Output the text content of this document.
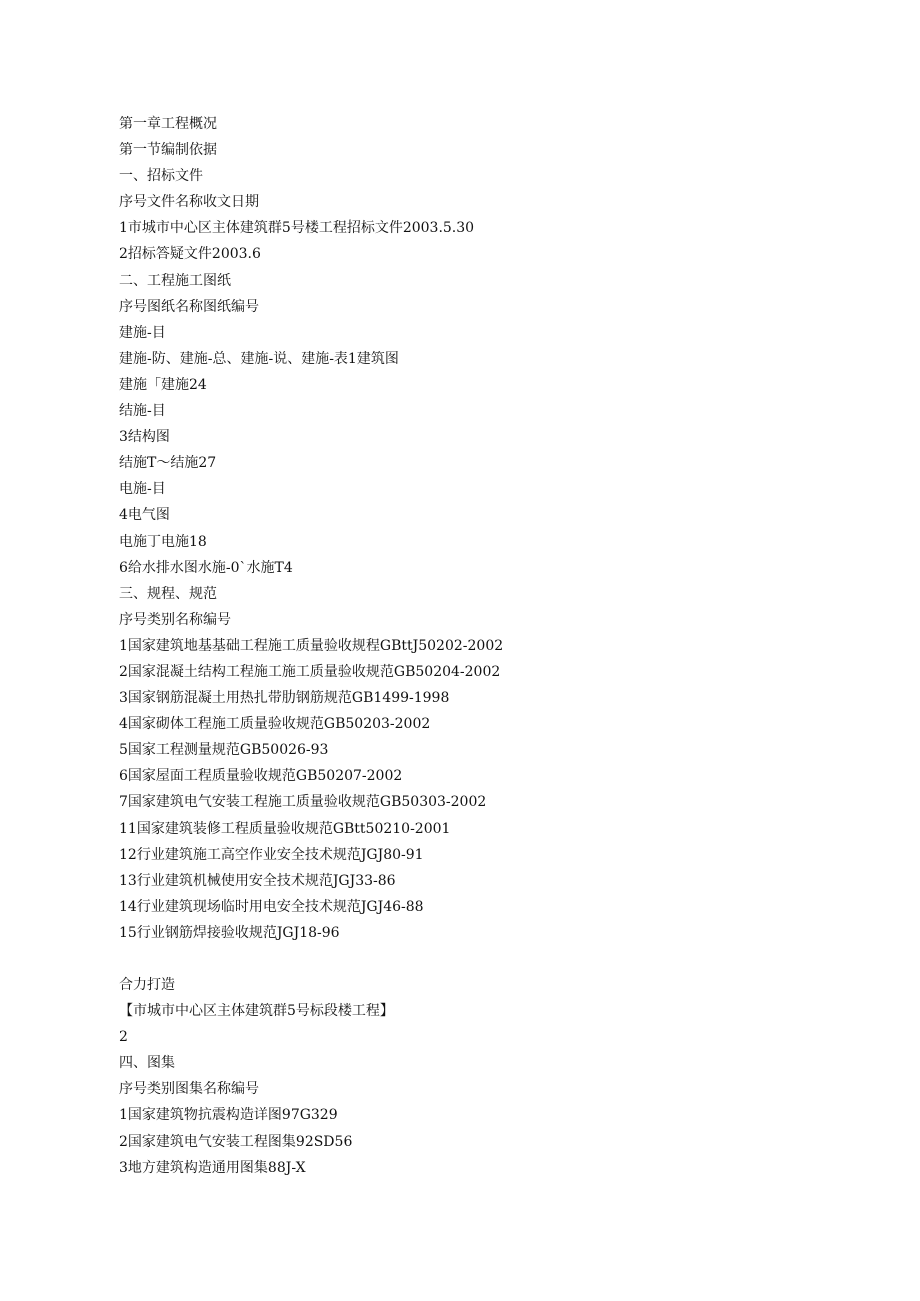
第一章工程概况
第一节编制依据
一、招标文件
序号文件名称收文日期
1市城市中心区主体建筑群5号楼工程招标文件2003.5.30
2招标答疑文件2003.6
二、工程施工图纸
序号图纸名称图纸编号
建施-目
建施-防、建施-总、建施-说、建施-表1建筑图
建施「建施24
结施-目
3结构图
结施T～结施27
电施-目
4电气图
电施丁电施18
6给水排水图水施-0`水施T4
三、规程、规范
序号类别名称编号
1国家建筑地基基础工程施工质量验收规程GBttJ50202-2002
2国家混凝土结构工程施工施工质量验收规范GB50204-2002
3国家钢筋混凝土用热扎带肋钢筋规范GB1499-1998
4国家砌体工程施工质量验收规范GB50203-2002
5国家工程测量规范GB50026-93
6国家屋面工程质量验收规范GB50207-2002
7国家建筑电气安装工程施工质量验收规范GB50303-2002
11国家建筑装修工程质量验收规范GBtt50210-2001
12行业建筑施工高空作业安全技术规范JGJ80-91
13行业建筑机械使用安全技术规范JGJ33-86
14行业建筑现场临时用电安全技术规范JGJ46-88
15行业钢筋焊接验收规范JGJ18-96
合力打造
【市城市中心区主体建筑群5号标段楼工程】
2
四、图集
序号类别图集名称编号
1国家建筑物抗震构造详图97G329
2国家建筑电气安装工程图集92SD56
3地方建筑构造通用图集88J-X
